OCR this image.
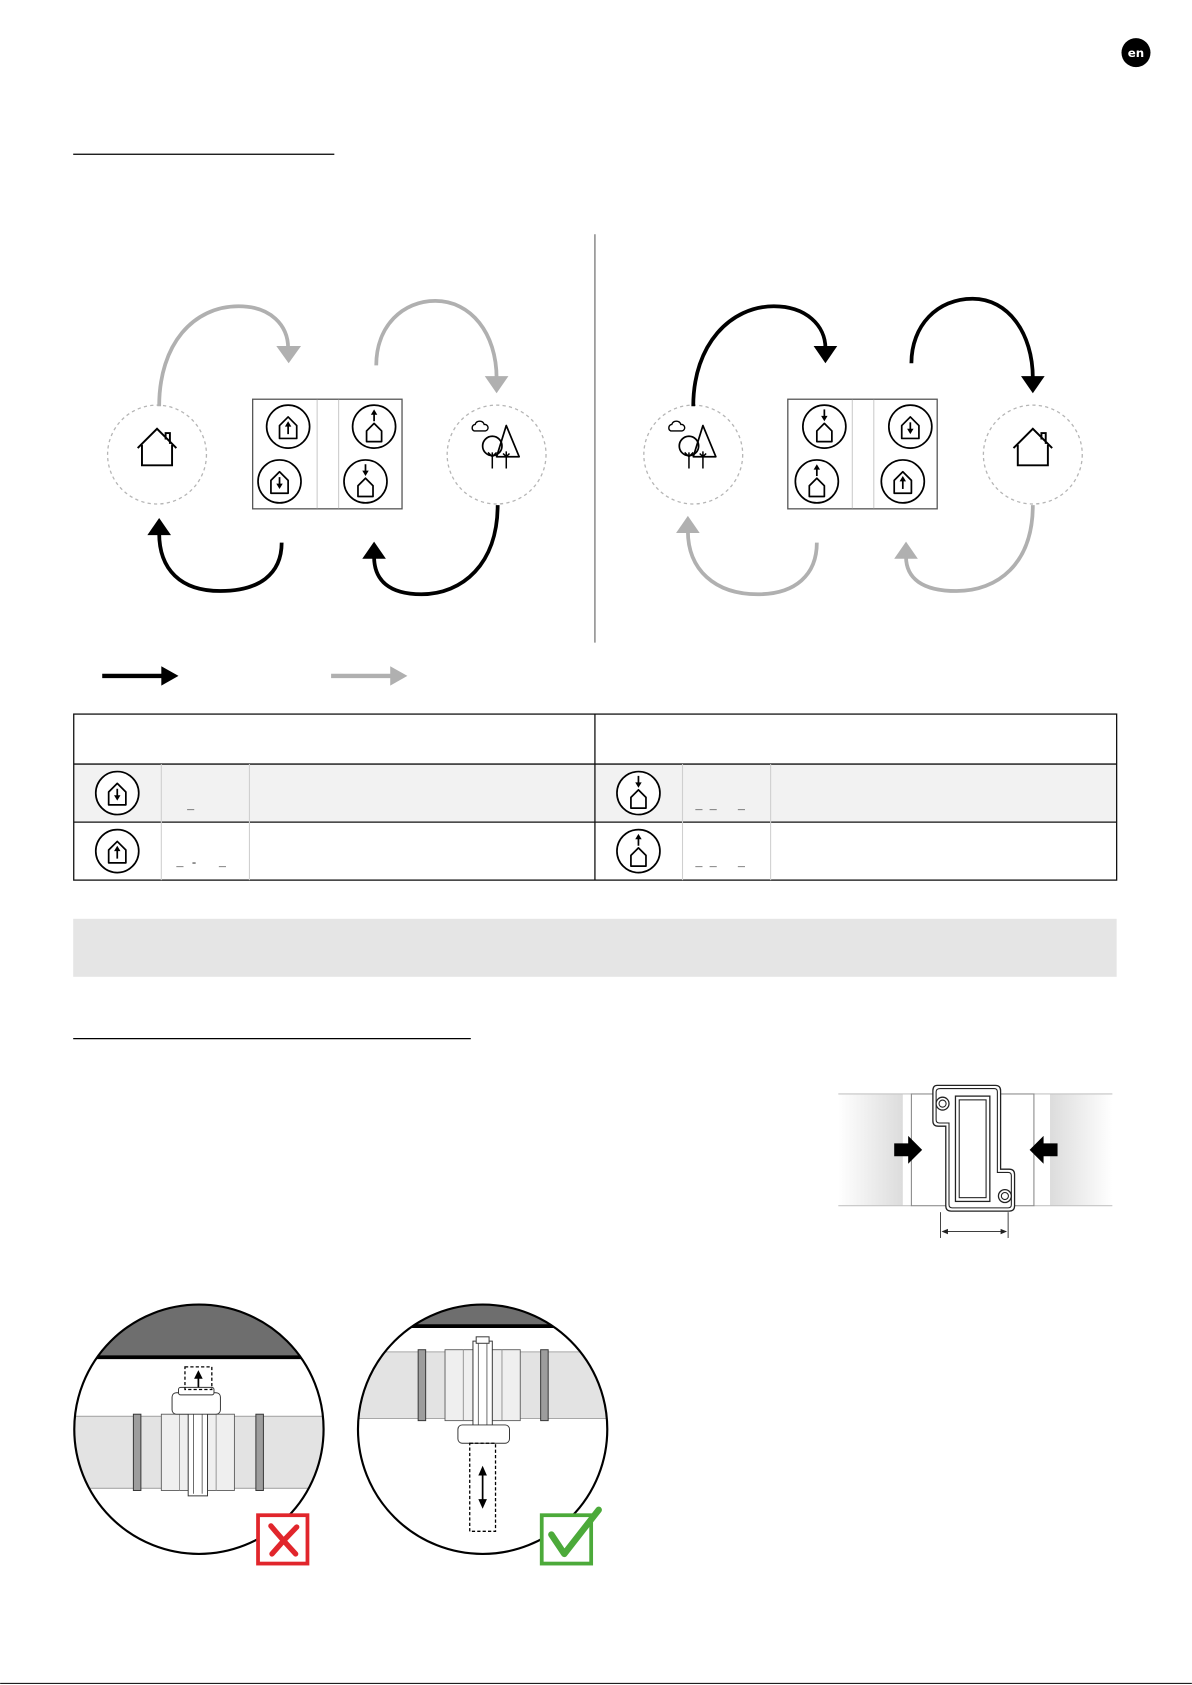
en
_	_ _   _
_ -   _	_ _   _
